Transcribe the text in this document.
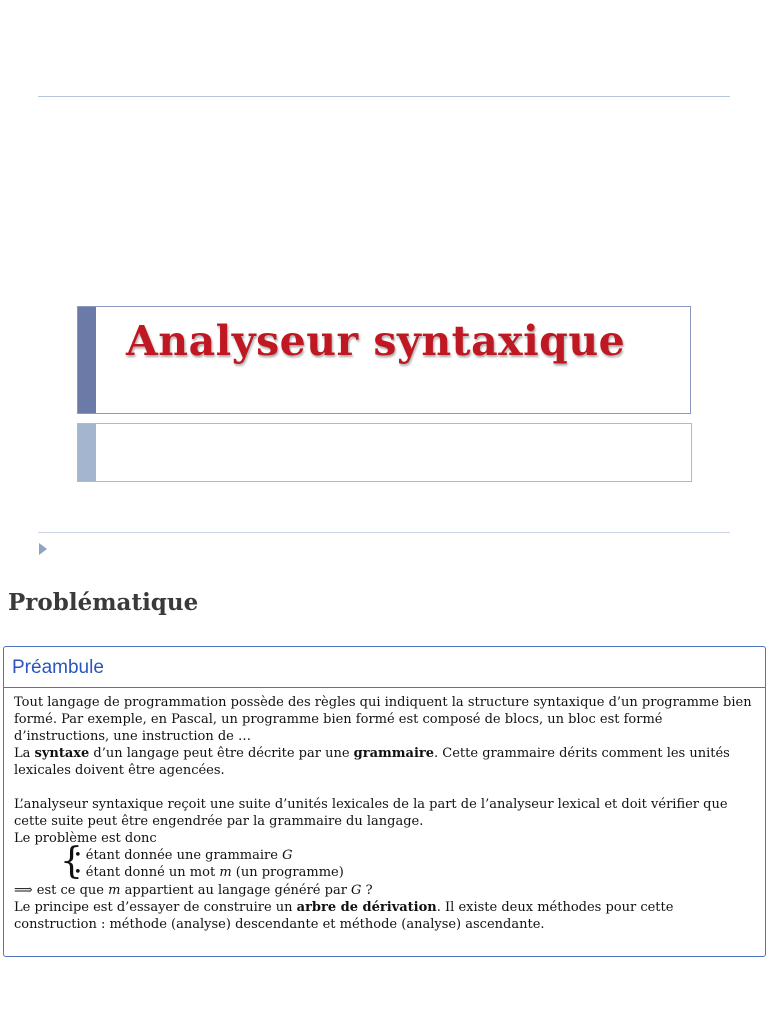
Analyseur syntaxique
Problématique
Préambule

Tout langage de programmation possède des règles qui indiquent la structure syntaxique d’un programme bien formé. Par exemple, en Pascal, un programme bien formé est composé de blocs, un bloc est formé d’instructions, une instruction de …

La syntaxe d’un langage peut être décrite par une grammaire. Cette grammaire dérits comment les unités lexicales doivent être agencées.

L’analyseur syntaxique reçoit une suite d’unités lexicales de la part de l’analyseur lexical et doit vérifier que cette suite peut être engendrée par la grammaire du langage.

Le problème est donc

{
• étant donnée une grammaire G
• étant donné un mot m (un programme)

⟹ est ce que m appartient au langage généré par G ?

Le principe est d’essayer de construire un arbre de dérivation. Il existe deux méthodes pour cette construction : méthode (analyse) descendante et méthode (analyse) ascendante.
